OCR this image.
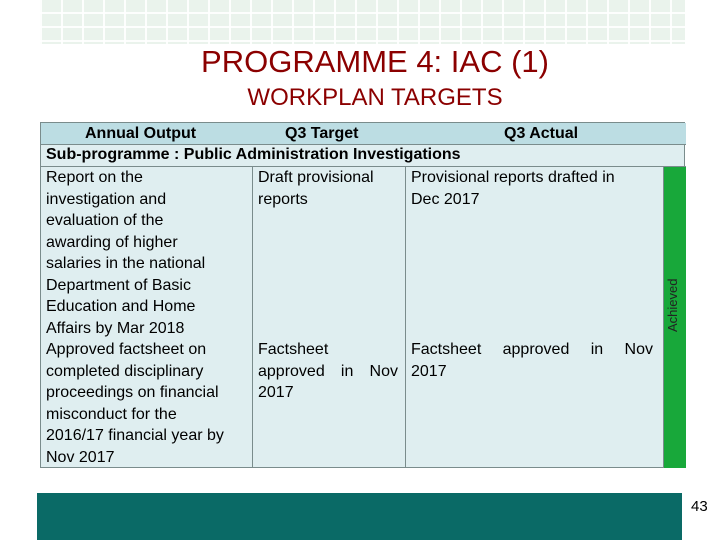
PROGRAMME 4: IAC (1)
WORKPLAN TARGETS
Annual Output	Q3 Target	Q3 Actual
Sub-programme : Public Administration Investigations
Report on the
investigation and
evaluation of the
awarding of higher
salaries in the national
Department of Basic
Education and Home
Affairs by Mar 2018
Draft provisional
reports
Provisional reports drafted in
Dec 2017
Approved factsheet on
completed disciplinary
proceedings on financial
misconduct for the
2016/17 financial year by
Nov 2017
Factsheet
approved in Nov
2017
Factsheet approved in Nov
2017
Achieved
43
